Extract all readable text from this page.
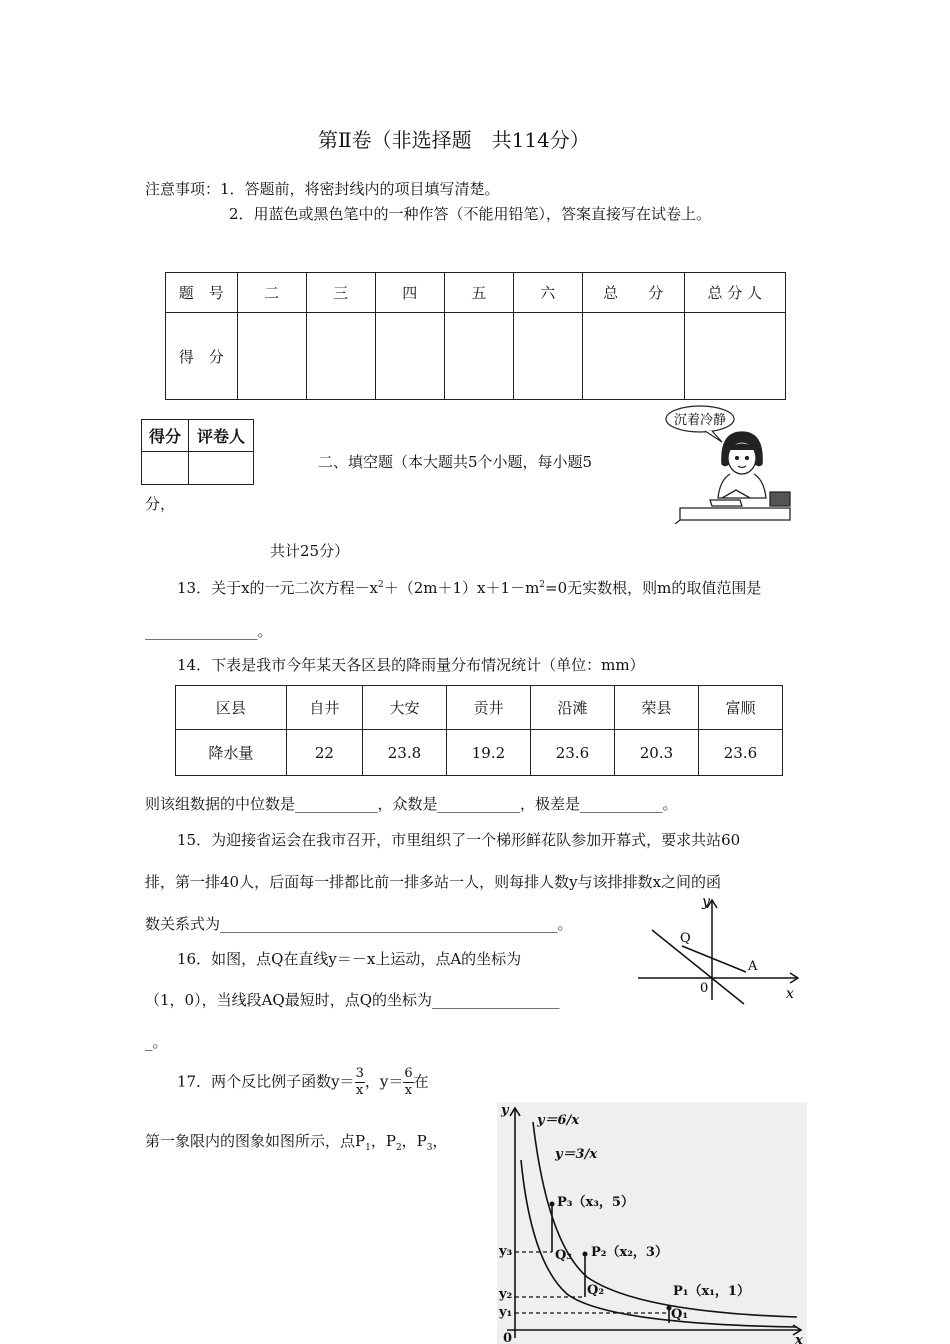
第Ⅱ卷（非选择题　共114分）
注意事项：1．答题前，将密封线内的项目填写清楚。
2．用蓝色或黑色笔中的一种作答（不能用铅笔），答案直接写在试卷上。
题　号	二	三	四	五	六	总　　分	总 分 人
得　分							
得分	评卷人

二、填空题（本大题共5个小题，每小题5
分，
共计25分）
沉着冷静
13．关于x的一元二次方程$-x^2+(2m+1)x+1-m^2=0$无实数根，则m的取值范围是
_______________。
14．下表是我市今年某天各区县的降雨量分布情况统计（单位：mm）
区县	自井	大安	贡井	沿滩	荣县	富顺
降水量	22	23.8	19.2	23.6	20.3	23.6
则该组数据的中位数是___________，众数是___________，极差是___________。
15．为迎接省运会在我市召开，市里组织了一个梯形鲜花队参加开幕式，要求共站60
排，第一排40人，后面每一排都比前一排多站一人，则每排人数y与该排排数x之间的函
数关系式为_____________________________________________。
16．如图，点Q在直线y＝－x上运动，点A的坐标为
（1，0），当线段AQ最短时，点Q的坐标为_________________
_。
y
x
Q
A
0
17．两个反比例子函数$y= \frac{3}{x}$ ，$y= \frac{6}{x}$ 在
第一象限内的图象如图所示，点$P_1$，$P_2$，$P_3$，
y
x
0
y＝6/x
y＝3/x
P₃（x₃，5）
P₂（x₂，3）
P₁（x₁，1）
Q₃
Q₂
Q₁
y₃
y₂
y₁
